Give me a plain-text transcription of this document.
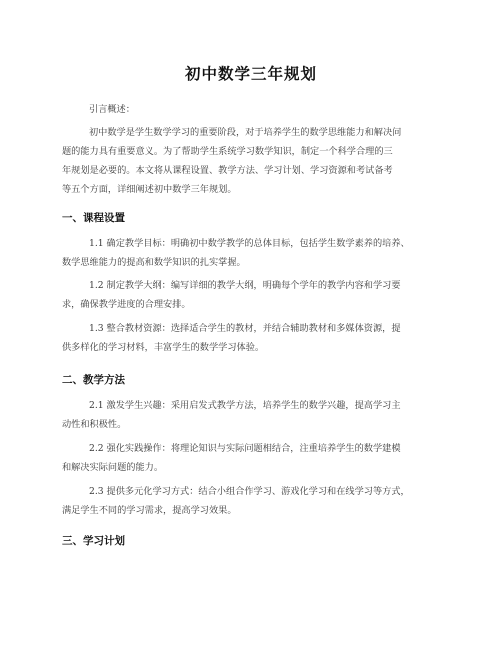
初中数学三年规划
引言概述：
初中数学是学生数学学习的重要阶段，对于培养学生的数学思维能力和解决问
题的能力具有重要意义。为了帮助学生系统学习数学知识，制定一个科学合理的三
年规划是必要的。本文将从课程设置、教学方法、学习计划、学习资源和考试备考
等五个方面，详细阐述初中数学三年规划。
一、课程设置
1.1 确定教学目标：明确初中数学教学的总体目标，包括学生数学素养的培养、
数学思维能力的提高和数学知识的扎实掌握。
1.2 制定教学大纲：编写详细的教学大纲，明确每个学年的教学内容和学习要
求，确保教学进度的合理安排。
1.3 整合教材资源：选择适合学生的教材，并结合辅助教材和多媒体资源，提
供多样化的学习材料，丰富学生的数学学习体验。
二、教学方法
2.1 激发学生兴趣：采用启发式教学方法，培养学生的数学兴趣，提高学习主
动性和积极性。
2.2 强化实践操作：将理论知识与实际问题相结合，注重培养学生的数学建模
和解决实际问题的能力。
2.3 提供多元化学习方式：结合小组合作学习、游戏化学习和在线学习等方式，
满足学生不同的学习需求，提高学习效果。
三、学习计划
